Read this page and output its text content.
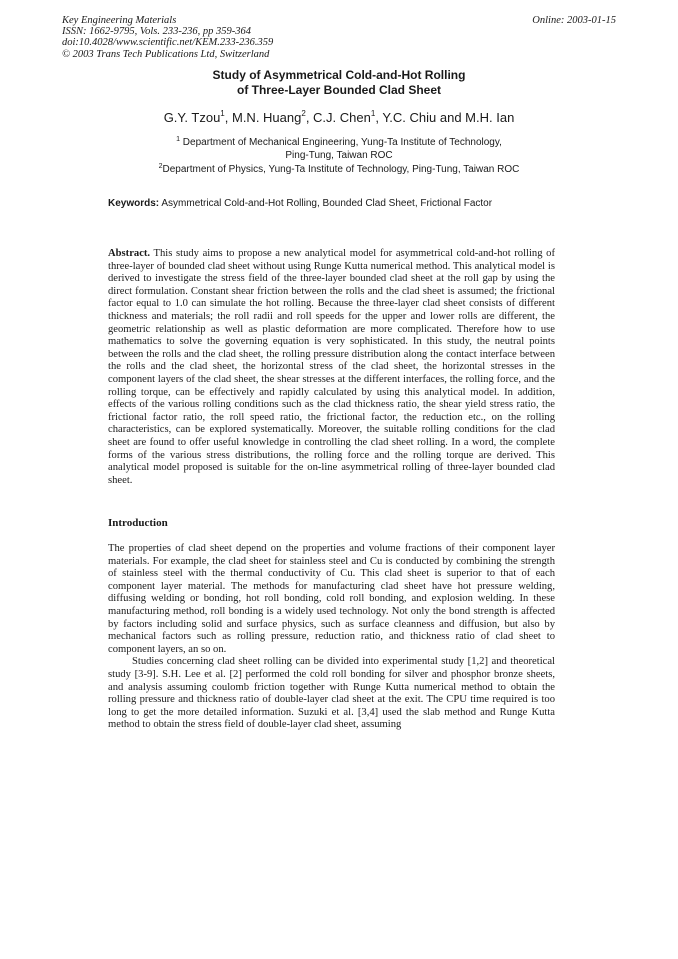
Key Engineering Materials
ISSN: 1662-9795, Vols. 233-236, pp 359-364
doi:10.4028/www.scientific.net/KEM.233-236.359
© 2003 Trans Tech Publications Ltd, Switzerland
Online: 2003-01-15
Study of Asymmetrical Cold-and-Hot Rolling
of Three-Layer Bounded Clad Sheet
G.Y. Tzou$^1$, M.N. Huang$^2$, C.J. Chen$^1$, Y.C. Chiu and M.H. Ian
$^1$ Department of Mechanical Engineering, Yung-Ta Institute of Technology,
Ping-Tung, Taiwan ROC
$^2$Department of Physics, Yung-Ta Institute of Technology, Ping-Tung, Taiwan ROC
Keywords: Asymmetrical Cold-and-Hot Rolling, Bounded Clad Sheet, Frictional Factor
Abstract. This study aims to propose a new analytical model for asymmetrical cold-and-hot rolling of three-layer of bounded clad sheet without using Runge Kutta numerical method. This analytical model is derived to investigate the stress field of the three-layer bounded clad sheet at the roll gap by using the direct formulation. Constant shear friction between the rolls and the clad sheet is assumed; the frictional factor equal to 1.0 can simulate the hot rolling. Because the three-layer clad sheet consists of different thickness and materials; the roll radii and roll speeds for the upper and lower rolls are different, the geometric relationship as well as plastic deformation are more complicated. Therefore how to use mathematics to solve the governing equation is very sophisticated. In this study, the neutral points between the rolls and the clad sheet, the rolling pressure distribution along the contact interface between the rolls and the clad sheet, the horizontal stress of the clad sheet, the horizontal stresses in the component layers of the clad sheet, the shear stresses at the different interfaces, the rolling force, and the rolling torque, can be effectively and rapidly calculated by using this analytical model. In addition, effects of the various rolling conditions such as the clad thickness ratio, the shear yield stress ratio, the frictional factor ratio, the roll speed ratio, the frictional factor, the reduction etc., on the rolling characteristics, can be explored systematically. Moreover, the suitable rolling conditions for the clad sheet are found to offer useful knowledge in controlling the clad sheet rolling. In a word, the complete forms of the various stress distributions, the rolling force and the rolling torque are derived. This analytical model proposed is suitable for the on-line asymmetrical rolling of three-layer bounded clad sheet.
Introduction

The properties of clad sheet depend on the properties and volume fractions of their component layer materials. For example, the clad sheet for stainless steel and Cu is conducted by combining the strength of stainless steel with the thermal conductivity of Cu. This clad sheet is superior to that of each component layer material. The methods for manufacturing clad sheet have hot pressure welding, diffusing welding or bonding, hot roll bonding, cold roll bonding, and explosion welding. In these manufacturing method, roll bonding is a widely used technology. Not only the bond strength is affected by factors including solid and surface physics, such as surface cleanness and diffusion, but also by mechanical factors such as rolling pressure, reduction ratio, and thickness ratio of clad sheet to component layers, an so on.

Studies concerning clad sheet rolling can be divided into experimental study [1,2] and theoretical study [3-9]. S.H. Lee et al. [2] performed the cold roll bonding for silver and phosphor bronze sheets, and analysis assuming coulomb friction together with Runge Kutta numerical method to obtain the rolling pressure and thickness ratio of double-layer clad sheet at the exit. The CPU time required is too long to get the more detailed information. Suzuki et al. [3,4] used the slab method and Runge Kutta method to obtain the stress field of double-layer clad sheet, assuming
